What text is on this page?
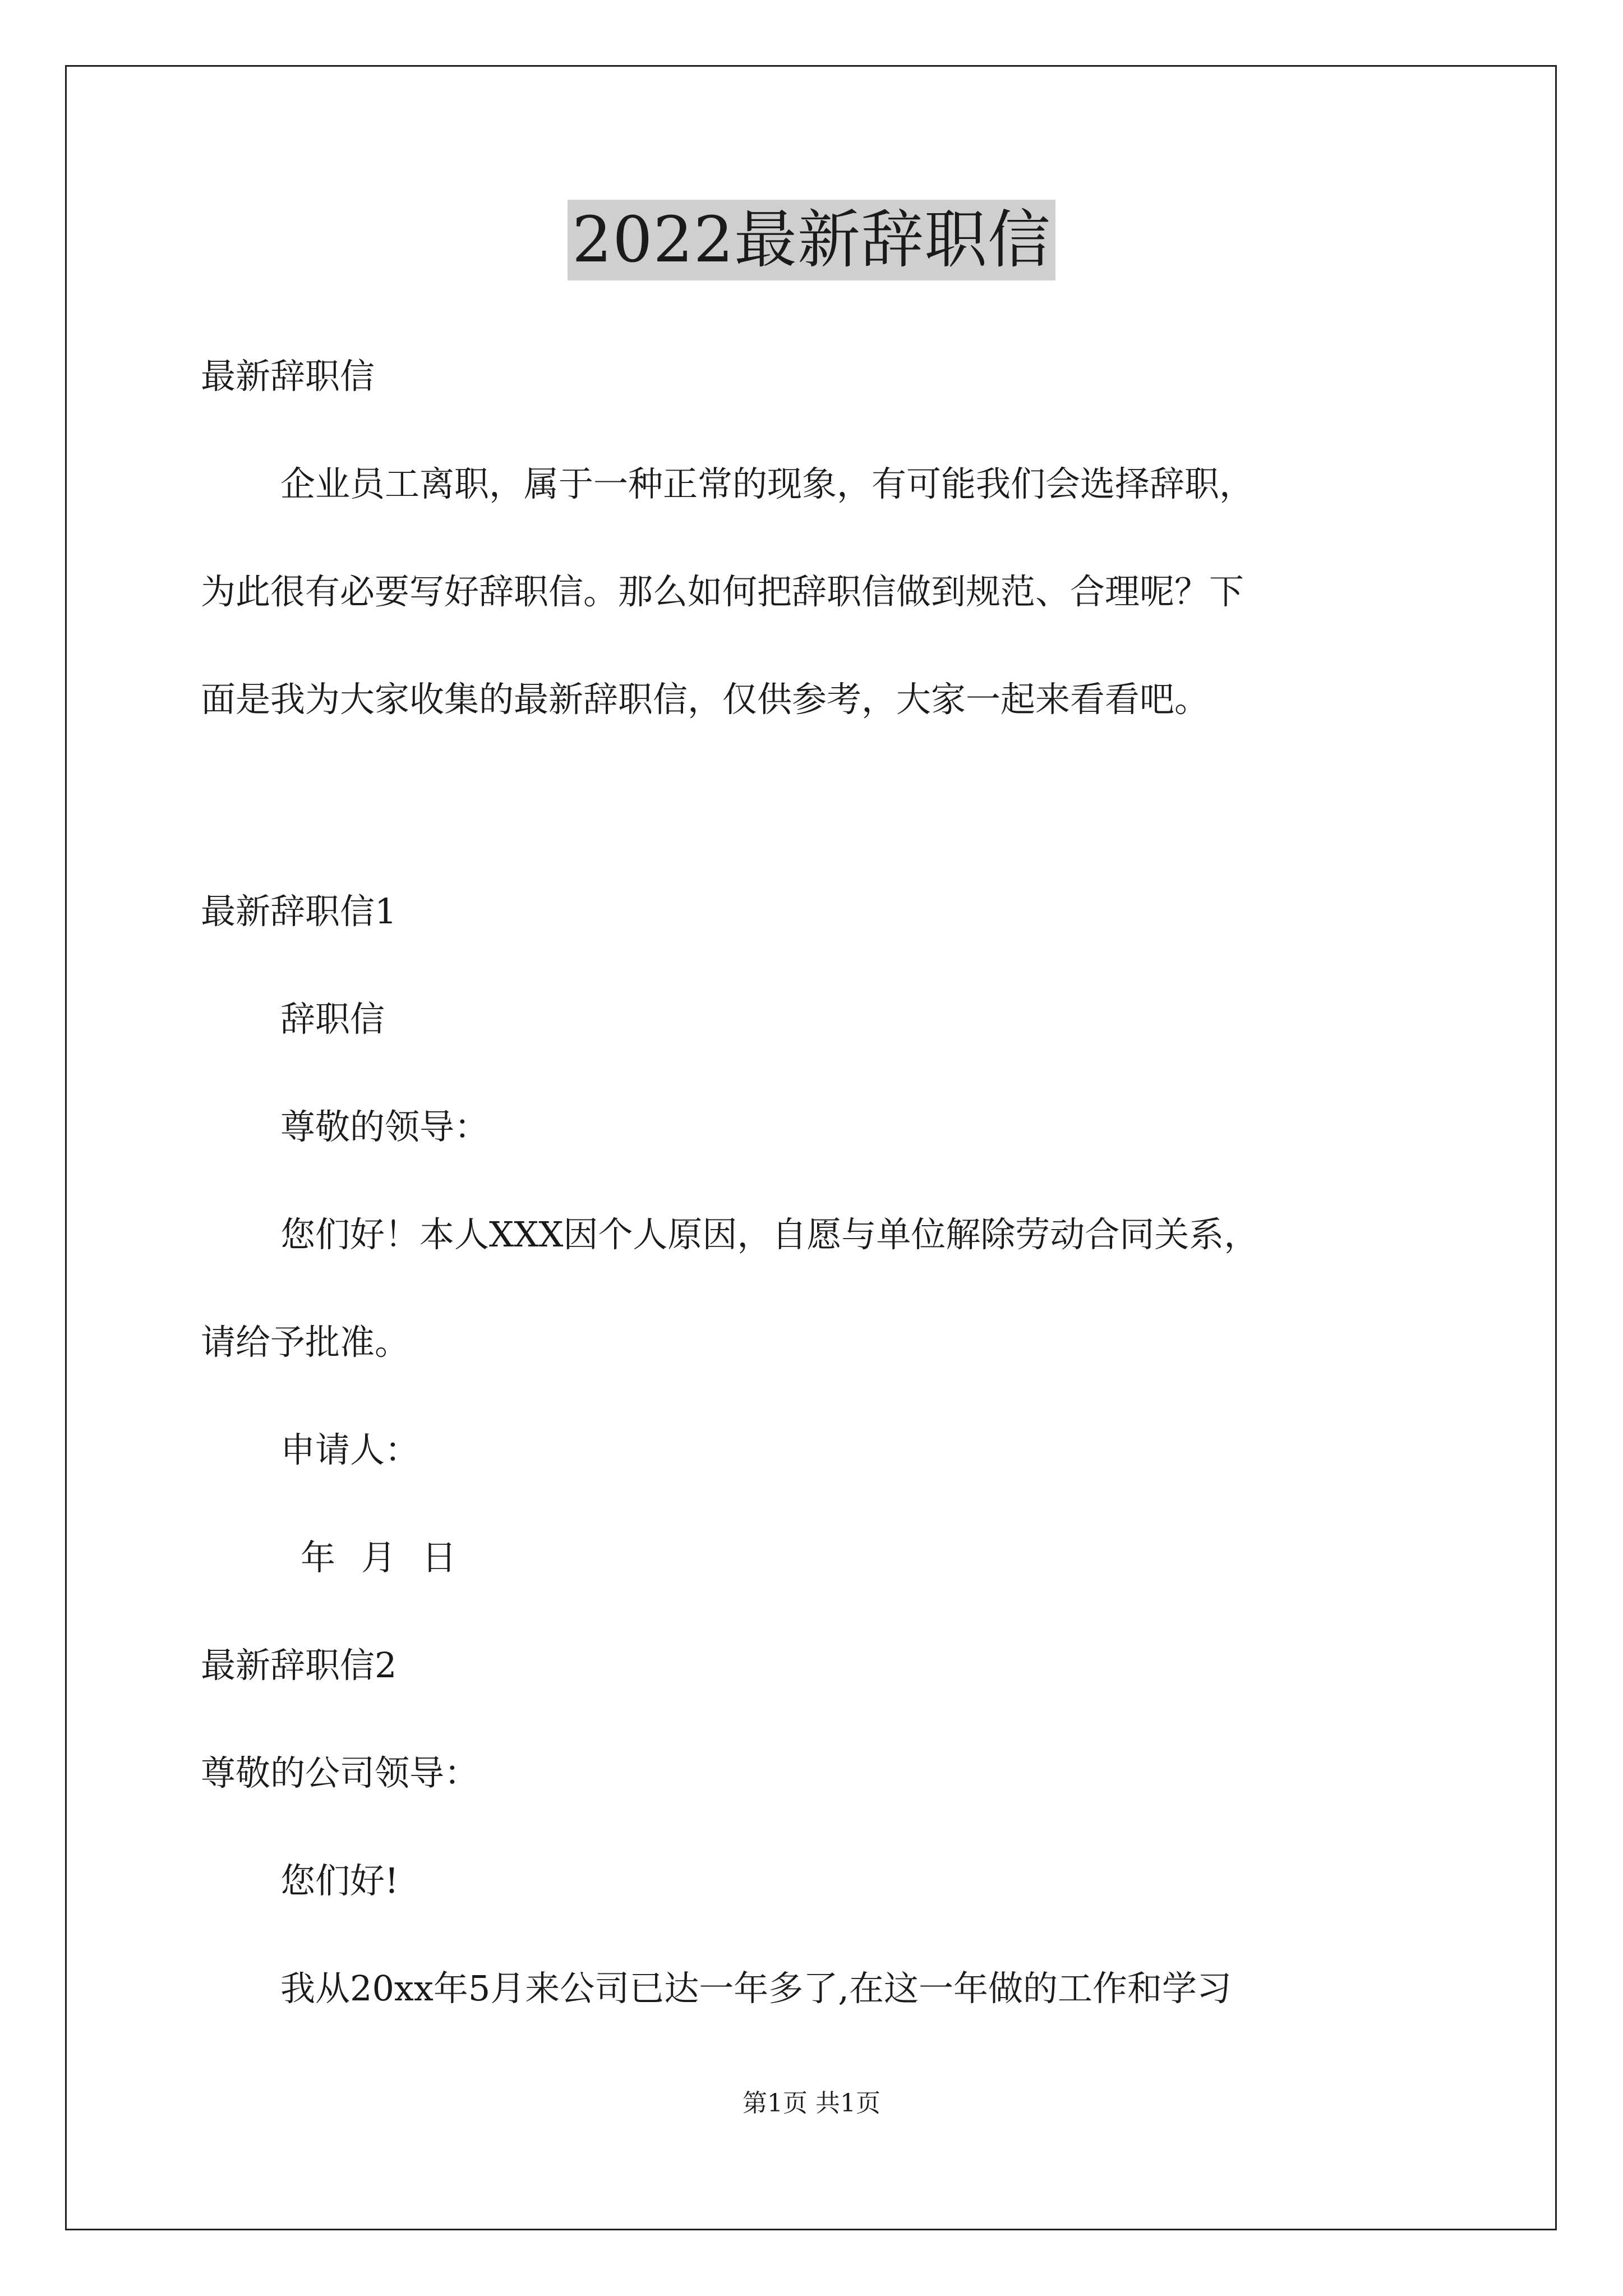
2022最新辞职信
最新辞职信
企业员工离职，属于一种正常的现象，有可能我们会选择辞职，
为此很有必要写好辞职信。那么如何把辞职信做到规范、合理呢？下
面是我为大家收集的最新辞职信，仅供参考，大家一起来看看吧。
最新辞职信1
辞职信
尊敬的领导：
您们好！本人XXX因个人原因，自愿与单位解除劳动合同关系，
请给予批准。
申请人：
年月日
最新辞职信2
尊敬的公司领导：
您们好!
我从20xx年5月来公司已达一年多了,在这一年做的工作和学习
第1页 共1页
